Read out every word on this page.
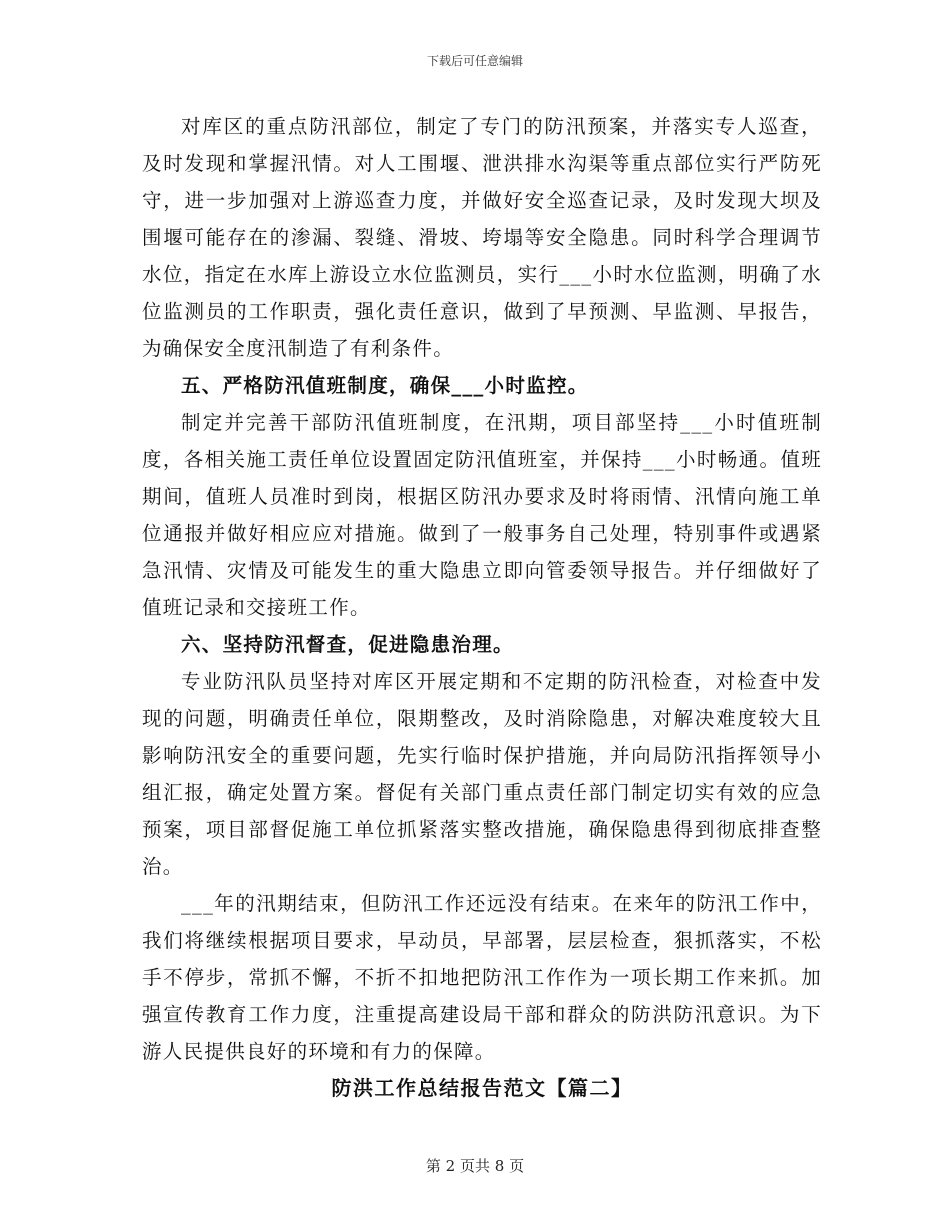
下载后可任意编辑

对库区的重点防汛部位，制定了专门的防汛预案，并落实专人巡查，及时发现和掌握汛情。对人工围堰、泄洪排水沟渠等重点部位实行严防死守，进一步加强对上游巡查力度，并做好安全巡查记录，及时发现大坝及围堰可能存在的渗漏、裂缝、滑坡、垮塌等安全隐患。同时科学合理调节水位，指定在水库上游设立水位监测员，实行___小时水位监测，明确了水位监测员的工作职责，强化责任意识，做到了早预测、早监测、早报告，为确保安全度汛制造了有利条件。

五、严格防汛值班制度，确保___小时监控。

制定并完善干部防汛值班制度，在汛期，项目部坚持___小时值班制度，各相关施工责任单位设置固定防汛值班室，并保持___小时畅通。值班期间，值班人员准时到岗，根据区防汛办要求及时将雨情、汛情向施工单位通报并做好相应应对措施。做到了一般事务自己处理，特别事件或遇紧急汛情、灾情及可能发生的重大隐患立即向管委领导报告。并仔细做好了值班记录和交接班工作。

六、坚持防汛督查，促进隐患治理。

专业防汛队员坚持对库区开展定期和不定期的防汛检查，对检查中发现的问题，明确责任单位，限期整改，及时消除隐患，对解决难度较大且影响防汛安全的重要问题，先实行临时保护措施，并向局防汛指挥领导小组汇报，确定处置方案。督促有关部门重点责任部门制定切实有效的应急预案，项目部督促施工单位抓紧落实整改措施，确保隐患得到彻底排查整治。

___年的汛期结束，但防汛工作还远没有结束。在来年的防汛工作中，我们将继续根据项目要求，早动员，早部署，层层检查，狠抓落实，不松手不停步，常抓不懈，不折不扣地把防汛工作作为一项长期工作来抓。加强宣传教育工作力度，注重提高建设局干部和群众的防洪防汛意识。为下游人民提供良好的环境和有力的保障。

防洪工作总结报告范文【篇二】

第 2 页共 8 页
